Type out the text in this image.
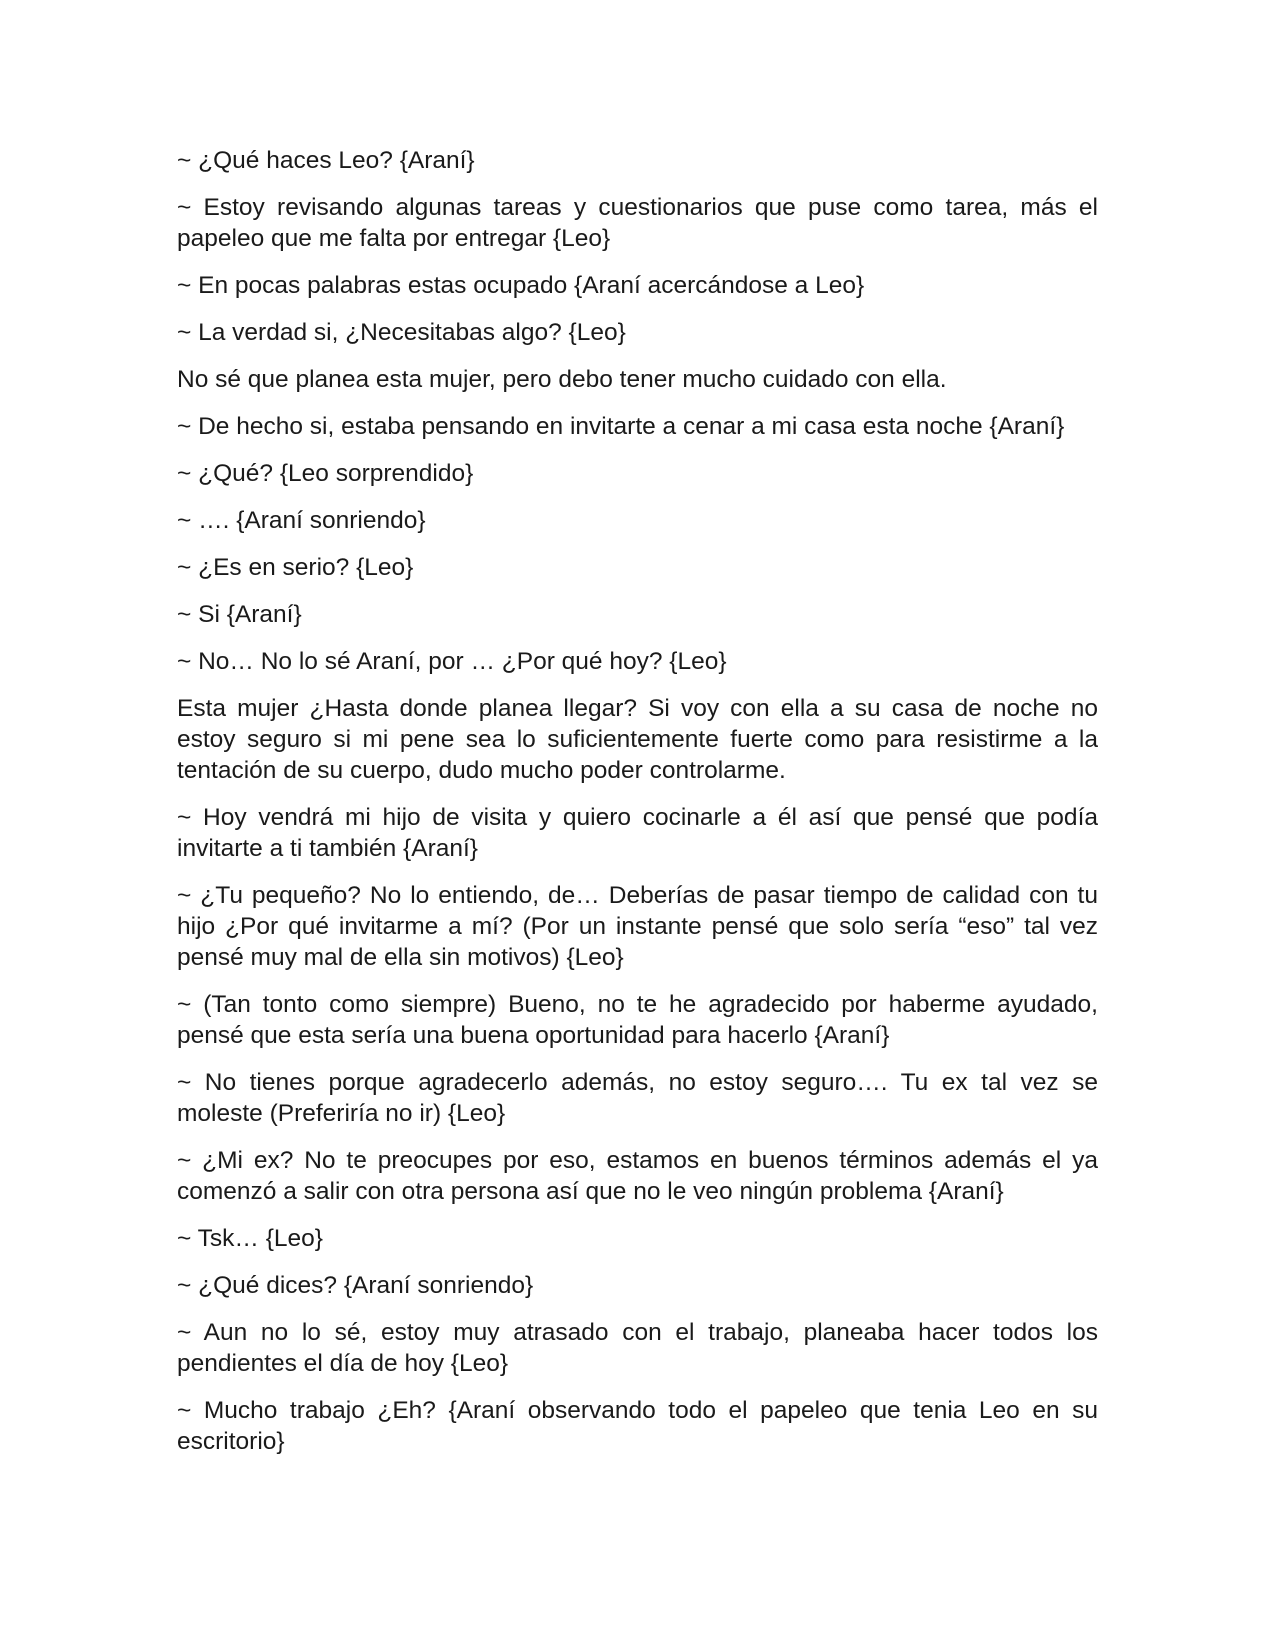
~ ¿Qué haces Leo? {Araní}

~ Estoy revisando algunas tareas y cuestionarios que puse como tarea, más el papeleo que me falta por entregar {Leo}

~ En pocas palabras estas ocupado {Araní acercándose a Leo}

~ La verdad si, ¿Necesitabas algo? {Leo}

No sé que planea esta mujer, pero debo tener mucho cuidado con ella.

~ De hecho si, estaba pensando en invitarte a cenar a mi casa esta noche {Araní}

~ ¿Qué? {Leo sorprendido}

~ …. {Araní sonriendo}

~ ¿Es en serio? {Leo}

~ Si {Araní}

~ No… No lo sé Araní, por … ¿Por qué hoy? {Leo}

Esta mujer ¿Hasta donde planea llegar? Si voy con ella a su casa de noche no estoy seguro si mi pene sea lo suficientemente fuerte como para resistirme a la tentación de su cuerpo, dudo mucho poder controlarme.

~ Hoy vendrá mi hijo de visita y quiero cocinarle a él así que pensé que podía invitarte a ti también {Araní}

~ ¿Tu pequeño? No lo entiendo, de… Deberías de pasar tiempo de calidad con tu hijo ¿Por qué invitarme a mí? (Por un instante pensé que solo sería “eso” tal vez pensé muy mal de ella sin motivos) {Leo}

~ (Tan tonto como siempre) Bueno, no te he agradecido por haberme ayudado, pensé que esta sería una buena oportunidad para hacerlo {Araní}

~ No tienes porque agradecerlo además, no estoy seguro…. Tu ex tal vez se moleste (Preferiría no ir) {Leo}

~ ¿Mi ex? No te preocupes por eso, estamos en buenos términos además el ya comenzó a salir con otra persona así que no le veo ningún problema {Araní}

~ Tsk… {Leo}

~ ¿Qué dices? {Araní sonriendo}

~ Aun no lo sé, estoy muy atrasado con el trabajo, planeaba hacer todos los pendientes el día de hoy {Leo}

~ Mucho trabajo ¿Eh? {Araní observando todo el papeleo que tenia Leo en su escritorio}
